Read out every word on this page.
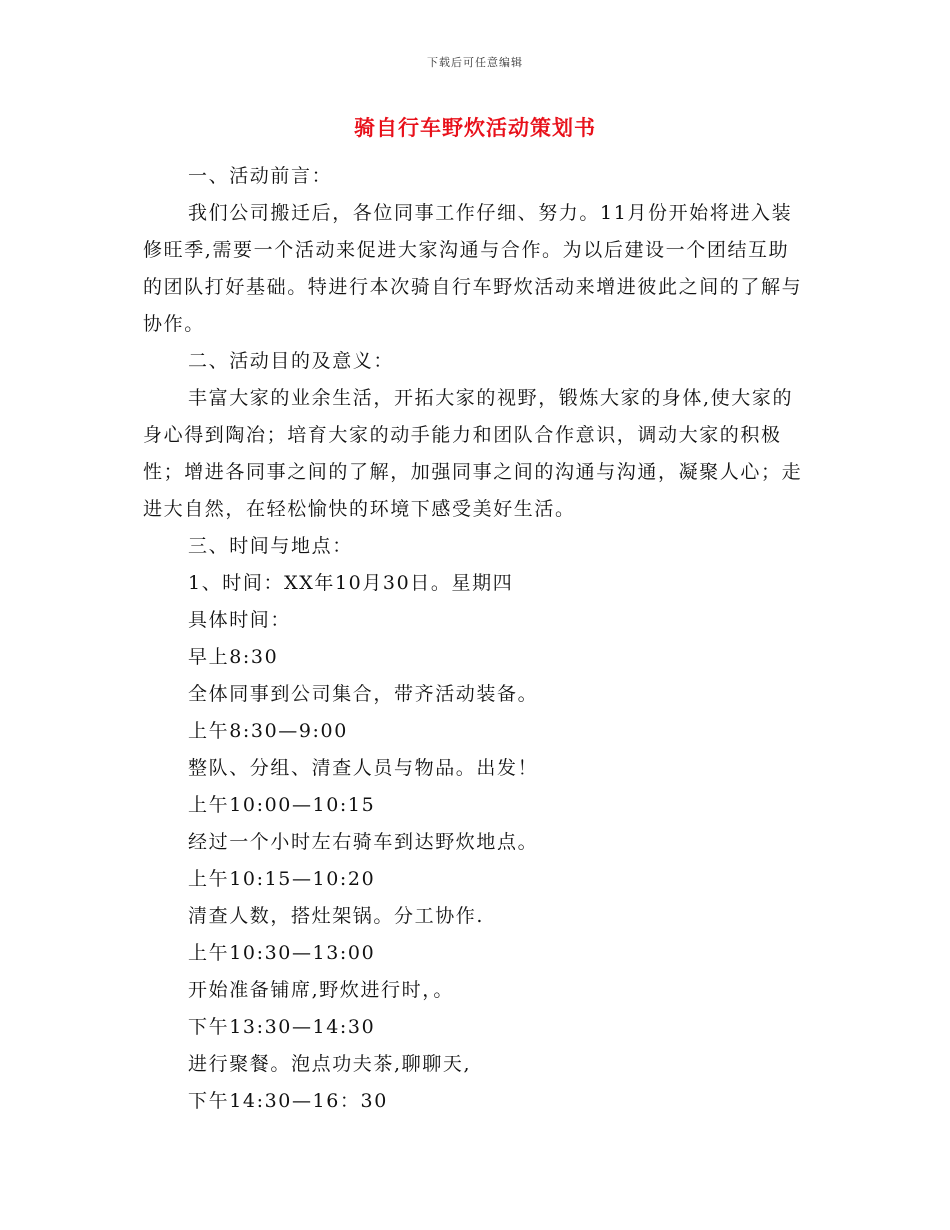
下载后可任意编辑
骑自行车野炊活动策划书

一、活动前言：

我们公司搬迁后，各位同事工作仔细、努力。11月份开始将进入装修旺季,需要一个活动来促进大家沟通与合作。为以后建设一个团结互助的团队打好基础。特进行本次骑自行车野炊活动来增进彼此之间的了解与协作。

二、活动目的及意义：

丰富大家的业余生活，开拓大家的视野，锻炼大家的身体,使大家的身心得到陶冶；培育大家的动手能力和团队合作意识，调动大家的积极性；增进各同事之间的了解，加强同事之间的沟通与沟通，凝聚人心；走进大自然，在轻松愉快的环境下感受美好生活。

三、时间与地点：

1、时间：XX年10月30日。星期四

具体时间：

早上8:30

全体同事到公司集合，带齐活动装备。

上午8:30—9:00

整队、分组、清查人员与物品。出发！

上午10:00—10:15

经过一个小时左右骑车到达野炊地点。

上午10:15—10:20

清查人数，搭灶架锅。分工协作.

上午10:30—13:00

开始准备铺席,野炊进行时，。

下午13:30—14:30

进行聚餐。泡点功夫茶,聊聊天,

下午14:30—16：30
